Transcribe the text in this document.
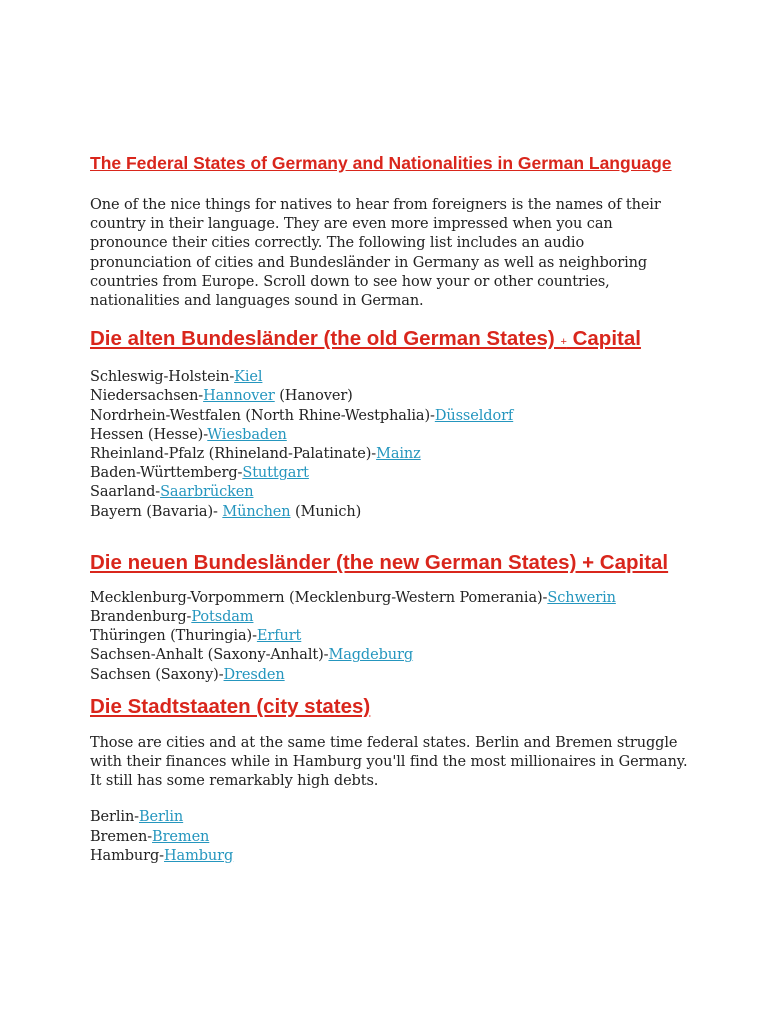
The Federal States of Germany and Nationalities in German Language

One of the nice things for natives to hear from foreigners is the names of their country in their language. They are even more impressed when you can pronounce their cities correctly. The following list includes an audio pronunciation of cities and Bundesländer in Germany as well as neighboring countries from Europe. Scroll down to see how your or other countries, nationalities and languages sound in German.

Die alten Bundesländer (the old German States) + Capital
Schleswig-Holstein-Kiel
Niedersachsen-Hannover (Hanover)
Nordrhein-Westfalen (North Rhine-Westphalia)-Düsseldorf
Hessen (Hesse)-Wiesbaden
Rheinland-Pfalz (Rhineland-Palatinate)-Mainz
Baden-Württemberg-Stuttgart
Saarland-Saarbrücken
Bayern (Bavaria)- München (Munich)
Die neuen Bundesländer (the new German States) + Capital
Mecklenburg-Vorpommern (Mecklenburg-Western Pomerania)-Schwerin
Brandenburg-Potsdam
Thüringen (Thuringia)-Erfurt
Sachsen-Anhalt (Saxony-Anhalt)-Magdeburg
Sachsen (Saxony)-Dresden
Die Stadtstaaten (city states)

Those are cities and at the same time federal states. Berlin and Bremen struggle with their finances while in Hamburg you'll find the most millionaires in Germany. It still has some remarkably high debts.

Berlin-Berlin
Bremen-Bremen
Hamburg-Hamburg
